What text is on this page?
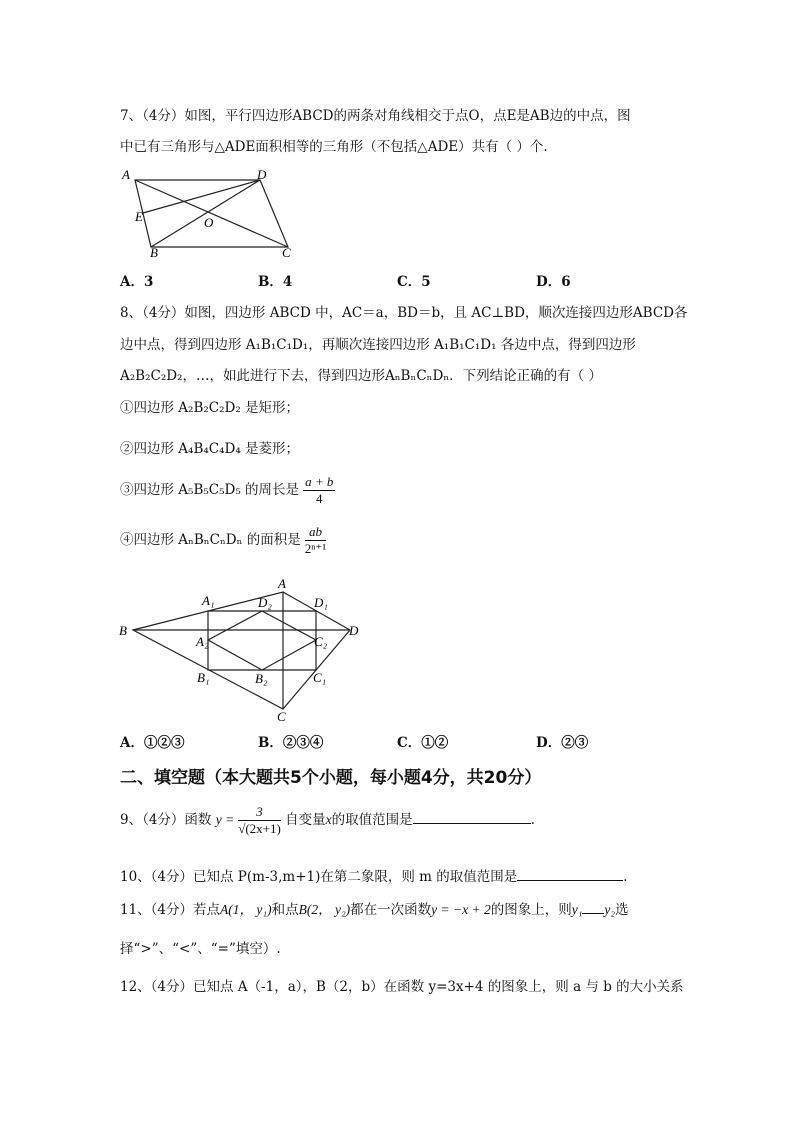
7、（4分）如图，平行四边形ABCD的两条对角线相交于点O，点E是AB边的中点，图
中已有三角形与△ADE面积相等的三角形（不包括△ADE）共有（ ）个.
A	D
E	O
B	C
A．3	B．4	C．5	D．6
8、（4分）如图，四边形 ABCD 中，AC＝a，BD＝b，且 AC⊥BD，顺次连接四边形ABCD各
边中点，得到四边形 A₁B₁C₁D₁，再顺次连接四边形 A₁B₁C₁D₁ 各边中点，得到四边形
A₂B₂C₂D₂，…，如此进行下去，得到四边形AₙBₙCₙDₙ．下列结论正确的有（ ）
①四边形 A₂B₂C₂D₂ 是矩形；
②四边形 A₄B₄C₄D₄ 是菱形；
③四边形 A₅B₅C₅D₅ 的周长是 $\frac{a + b}{4}$
④四边形 AₙBₙCₙDₙ 的面积是 $\frac{ab}{\text{2ⁿ⁺¹}}$
A
A₁	D₂	D₁
B	D
A₂	C₂
B₁	B₂	C₁
C
A．①②③	B．②③④	C．①②	D．②③
二、填空题（本大题共5个小题，每小题4分，共20分）
9、（4分）函数 $y = \frac{3}{√(2x+1)}$ 自变量x的取值范围是	.
10、（4分）已知点 P(m-3,m+1)在第二象限，则 m 的取值范围是	.
11、（4分）若点A(1， y₁)和点B(2， y₂)都在一次函数y = −x + 2的图象上，则y₁ y₂选
择“>”、“<”、“=”填空）.
12、（4分）已知点 A（-1，a），B（2，b）在函数 y=3x+4 的图象上，则 a 与 b 的大小关系
